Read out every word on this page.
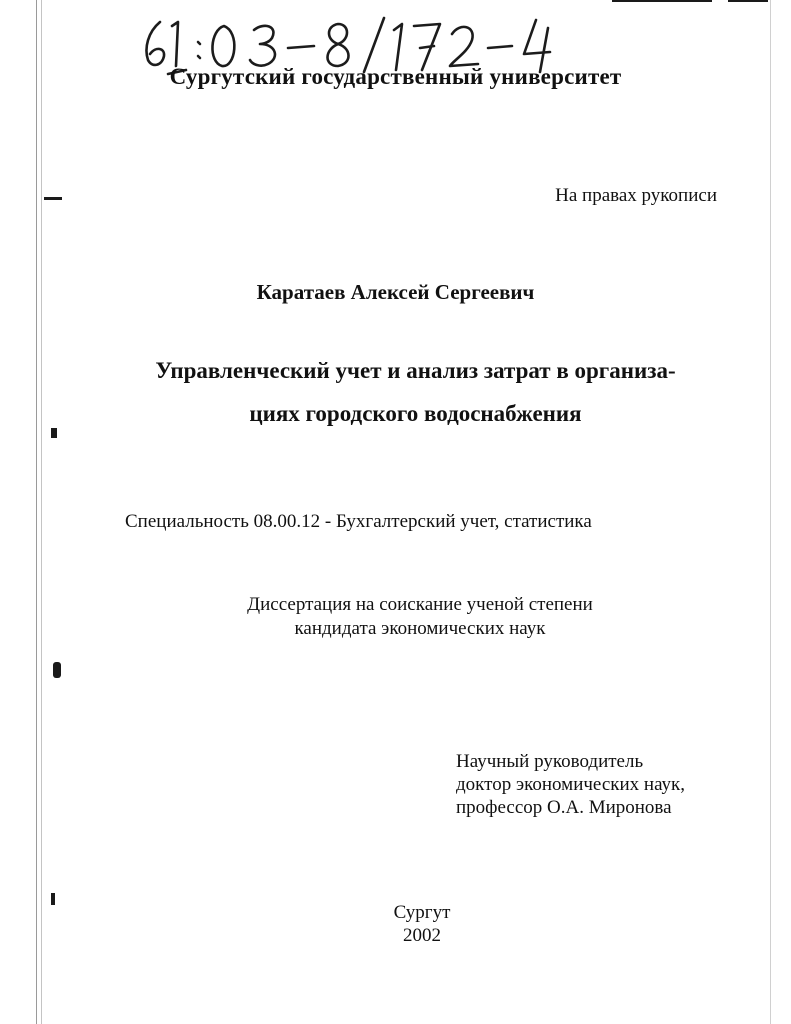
Сургутский государственный университет
На правах рукописи
Каратаев Алексей Сергеевич
Управленческий учет и анализ затрат в организа-
циях городского водоснабжения
Специальность 08.00.12 - Бухгалтерский учет, статистика
Диссертация на соискание ученой степени
кандидата экономических наук
Научный руководитель
доктор экономических наук,
профессор О.А. Миронова
Сургут
2002
